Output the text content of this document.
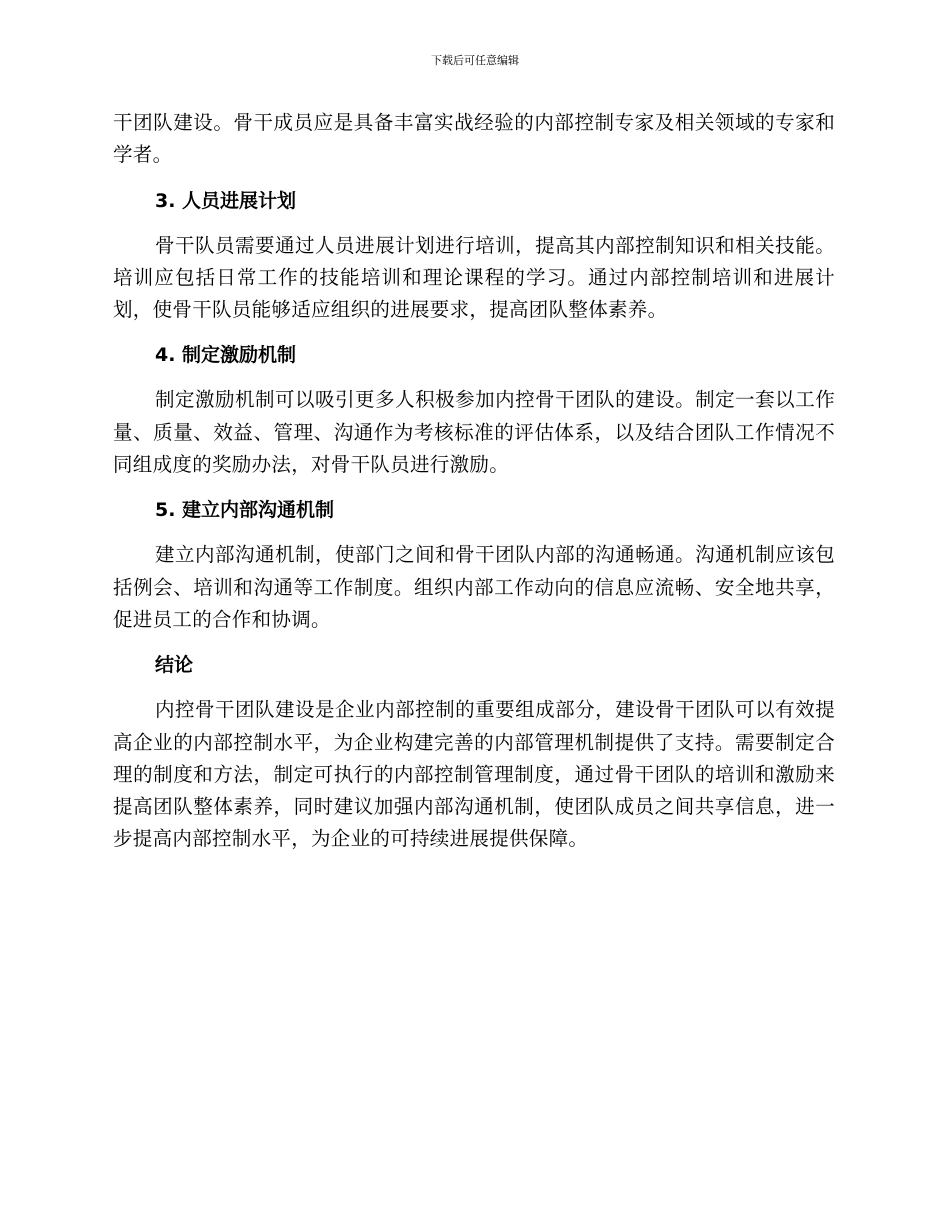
下载后可任意编辑

干团队建设。骨干成员应是具备丰富实战经验的内部控制专家及相关领域的专家和学者。

3. 人员进展计划

骨干队员需要通过人员进展计划进行培训，提高其内部控制知识和相关技能。培训应包括日常工作的技能培训和理论课程的学习。通过内部控制培训和进展计划，使骨干队员能够适应组织的进展要求，提高团队整体素养。

4. 制定激励机制

制定激励机制可以吸引更多人积极参加内控骨干团队的建设。制定一套以工作量、质量、效益、管理、沟通作为考核标准的评估体系，以及结合团队工作情况不同组成度的奖励办法，对骨干队员进行激励。

5. 建立内部沟通机制

建立内部沟通机制，使部门之间和骨干团队内部的沟通畅通。沟通机制应该包括例会、培训和沟通等工作制度。组织内部工作动向的信息应流畅、安全地共享，促进员工的合作和协调。

结论

内控骨干团队建设是企业内部控制的重要组成部分，建设骨干团队可以有效提高企业的内部控制水平，为企业构建完善的内部管理机制提供了支持。需要制定合理的制度和方法，制定可执行的内部控制管理制度，通过骨干团队的培训和激励来提高团队整体素养，同时建议加强内部沟通机制，使团队成员之间共享信息，进一步提高内部控制水平，为企业的可持续进展提供保障。
